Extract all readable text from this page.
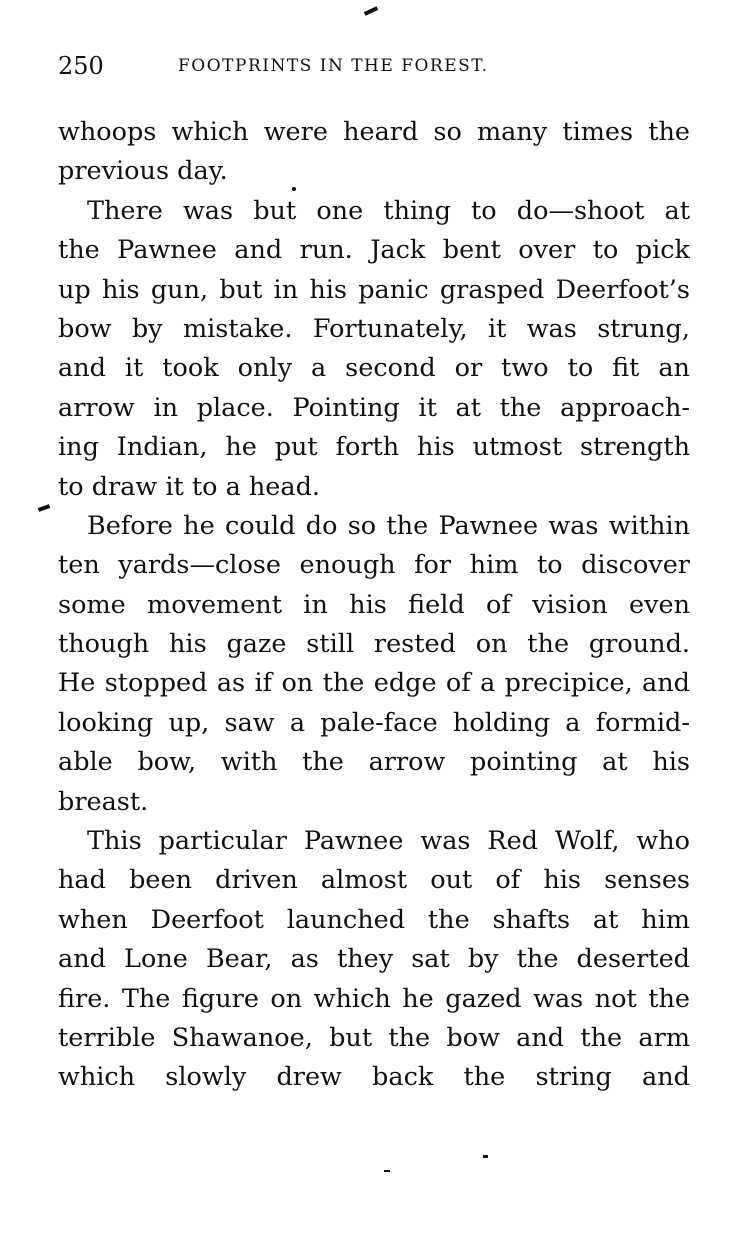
250	FOOTPRINTS IN THE FOREST.
whoops which were heard so many times the
previous day.
There was but one thing to do—shoot at
the Pawnee and run. Jack bent over to pick
up his gun, but in his panic grasped Deerfoot’s
bow by mistake. Fortunately, it was strung,
and it took only a second or two to fit an
arrow in place. Pointing it at the approach-
ing Indian, he put forth his utmost strength
to draw it to a head.
Before he could do so the Pawnee was within
ten yards—close enough for him to discover
some movement in his field of vision even
though his gaze still rested on the ground.
He stopped as if on the edge of a precipice, and
looking up, saw a pale-face holding a formid-
able bow, with the arrow pointing at his
breast.
This particular Pawnee was Red Wolf, who
had been driven almost out of his senses
when Deerfoot launched the shafts at him
and Lone Bear, as they sat by the deserted
fire. The figure on which he gazed was not the
terrible Shawanoe, but the bow and the arm
which slowly drew back the string and
